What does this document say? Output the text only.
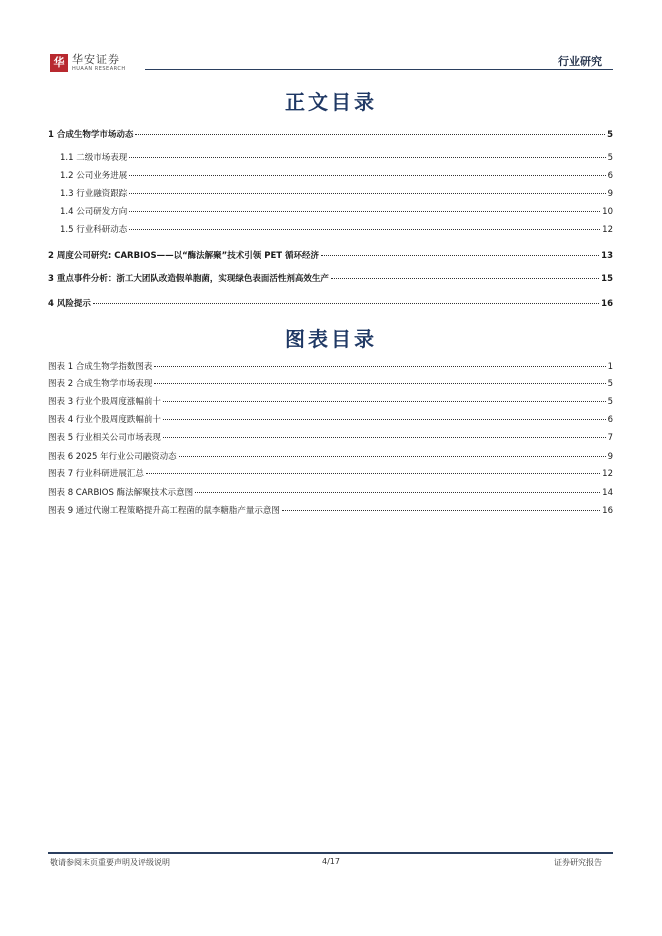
华 华安证券
HUAAN RESEARCH
行业研究
正文目录
1 合成生物学市场动态	5
1.1 二级市场表现	5
1.2 公司业务进展	6
1.3 行业融资跟踪	9
1.4 公司研发方向	10
1.5 行业科研动态	12
2 周度公司研究: CARBIOS——以“酶法解聚”技术引领 PET 循环经济	13
3 重点事件分析：浙工大团队改造假单胞菌，实现绿色表面活性剂高效生产	15
4 风险提示	16
图表目录
图表 1 合成生物学指数图表	1
图表 2 合成生物学市场表现	5
图表 3 行业个股周度涨幅前十	5
图表 4 行业个股周度跌幅前十	6
图表 5 行业相关公司市场表现	7
图表 6 2025 年行业公司融资动态	9
图表 7 行业科研进展汇总	12
图表 8 CARBIOS 酶法解聚技术示意图	14
图表 9 通过代谢工程策略提升高工程菌的鼠李糖脂产量示意图	16
敬请参阅末页重要声明及评级说明	4/17	证券研究报告
